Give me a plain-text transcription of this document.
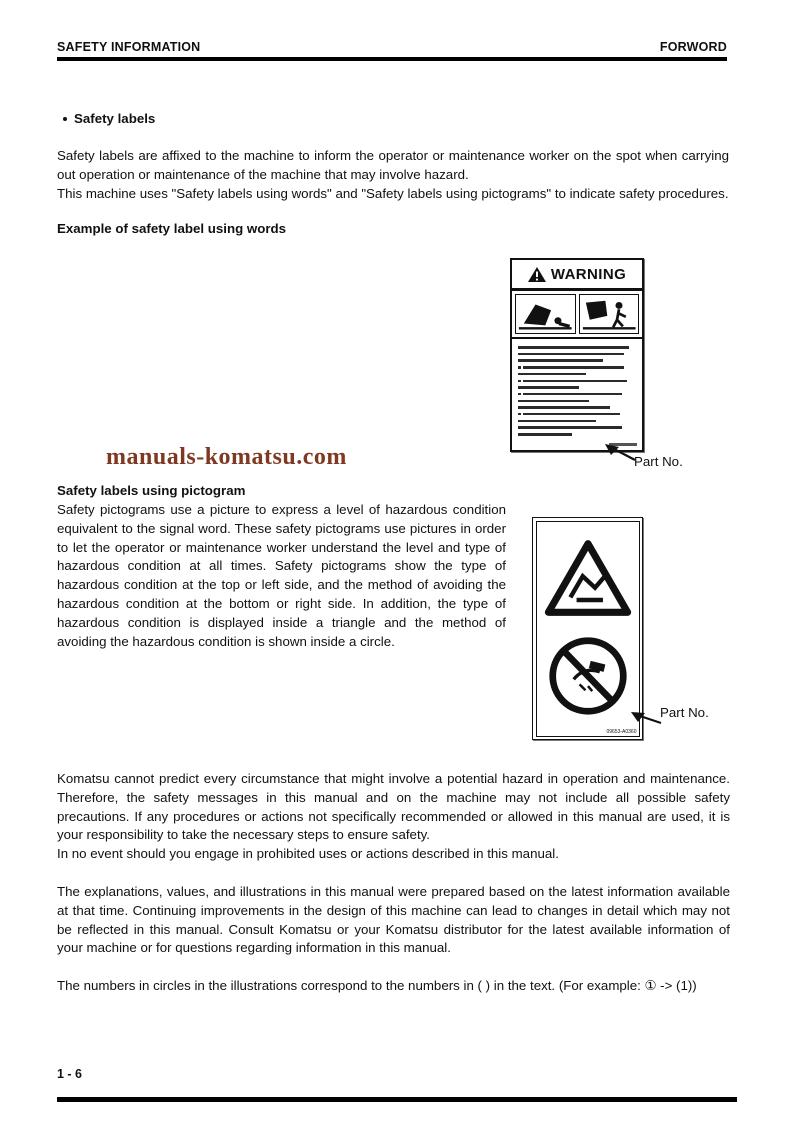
SAFETY INFORMATION	FORWORD
Safety labels

Safety labels are affixed to the machine to inform the operator or maintenance worker on the spot when carrying out operation or maintenance of the machine that may involve hazard.

This machine uses "Safety labels using words" and "Safety labels using pictograms" to indicate safety procedures.

Example of safety label using words
WARNING
Part No.
manuals-komatsu.com
Safety labels using pictogram
Safety pictograms use a picture to express a level of hazardous condition equivalent to the signal word. These safety pictograms use pictures in order to let the operator or maintenance worker understand the level and type of hazardous condition at all times. Safety pictograms show the type of hazardous condition at the top or left side, and the method of avoiding the hazardous condition at the bottom or right side. In addition, the type of hazardous condition is displayed inside a triangle and the method of avoiding the hazardous condition is shown inside a circle.
09653-A0360
Part No.

Komatsu cannot predict every circumstance that might involve a potential hazard in operation and maintenance. Therefore, the safety messages in this manual and on the machine may not include all possible safety precautions. If any procedures or actions not specifically recommended or allowed in this manual are used, it is your responsibility to take the necessary steps to ensure safety.

In no event should you engage in prohibited uses or actions described in this manual.

The explanations, values, and illustrations in this manual were prepared based on the latest information available at that time. Continuing improvements in the design of this machine can lead to changes in detail which may not be reflected in this manual. Consult Komatsu or your Komatsu distributor for the latest available information of your machine or for questions regarding information in this manual.

The numbers in circles in the illustrations correspond to the numbers in ( ) in the text. (For example: ① -> (1))

1 - 6
